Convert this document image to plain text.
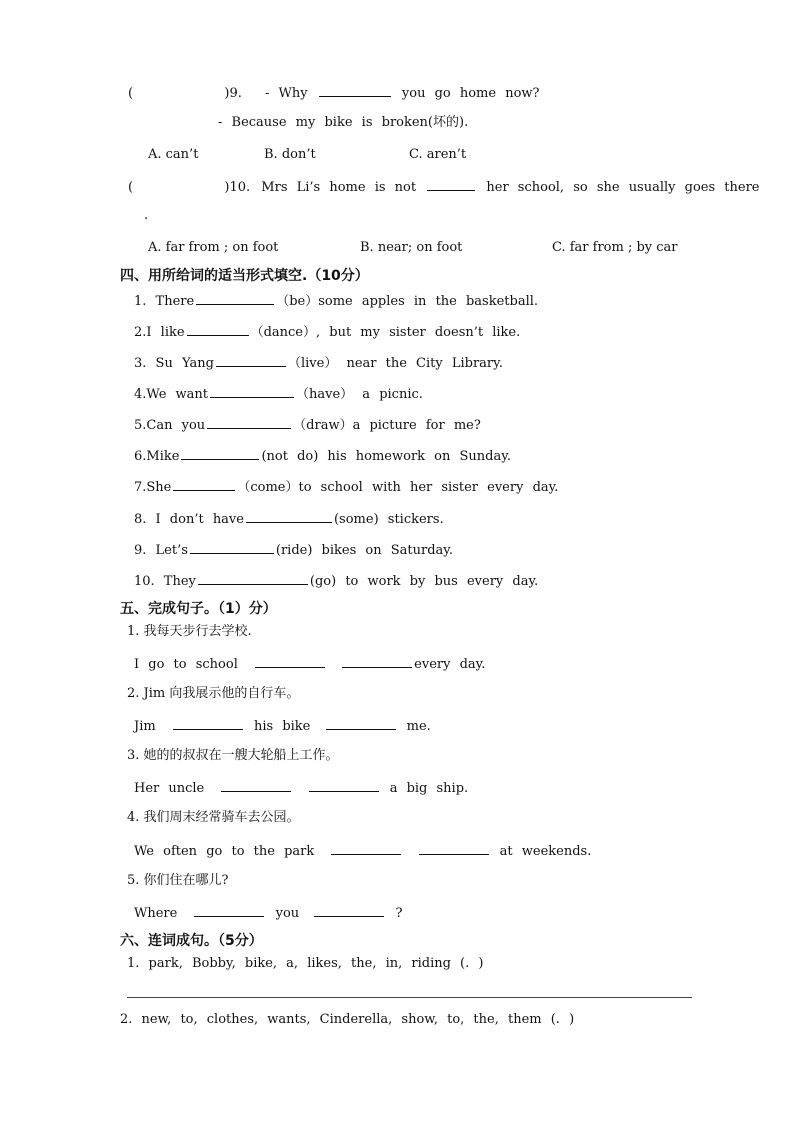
(          )9. - Why	you go home now?
- Because my bike is broken(坏的).
A. can’t	B. don’t	C. aren’t
(          )10. Mrs Li’s home is not	her school, so she usually goes there
.
A. far from ; on foot	B. near; on foot	C. far from ; by car
四、用所给词的适当形式填空.（10分）
1. There	（be）some apples in the basketball.
2.I like	（dance）, but my sister doesn’t like.
3. Su Yang	（live） near the City Library.
4.We want	（have） a picnic.
5.Can you	（draw）a picture for me?
6.Mike	(not do) his homework on Sunday.
7.She	（come）to school with her sister every day.
8. I don’t have	(some) stickers.
9. Let’s	(ride) bikes on Saturday.
10. They	(go) to work by bus every day.
五、完成句子。（1）分）
1. 我每天步行去学校.
I go to school	every day.
2. Jim 向我展示他的自行车。
Jim	his bike	me.
3. 她的的叔叔在一艘大轮船上工作。
Her uncle	a big ship.
4. 我们周末经常骑车去公园。
We often go to the park	at weekends.
5. 你们住在哪儿?
Where	you	?
六、连词成句。（5分）
1. park, Bobby, bike, a, likes, the, in, riding (. )
2. new, to, clothes, wants, Cinderella, show, to, the, them (. )
